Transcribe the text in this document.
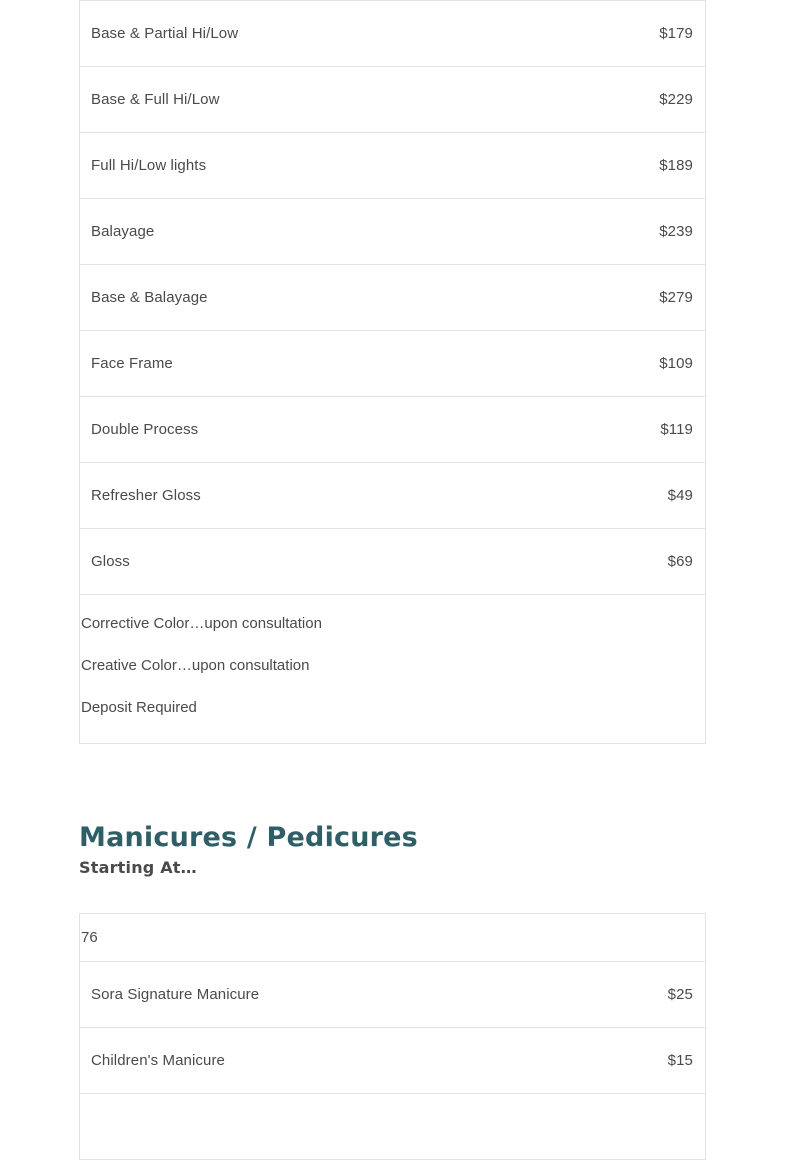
Base & Partial Hi/Low	$179
Base & Full Hi/Low	$229
Full Hi/Low lights	$189
Balayage	$239
Base & Balayage	$279
Face Frame	$109
Double Process	$119
Refresher Gloss	$49
Gloss	$69
Corrective Color…upon consultation
Creative Color…upon consultation
Deposit Required
Manicures / Pedicures
Starting At…
76
Sora Signature Manicure	$25
Children's Manicure	$15
